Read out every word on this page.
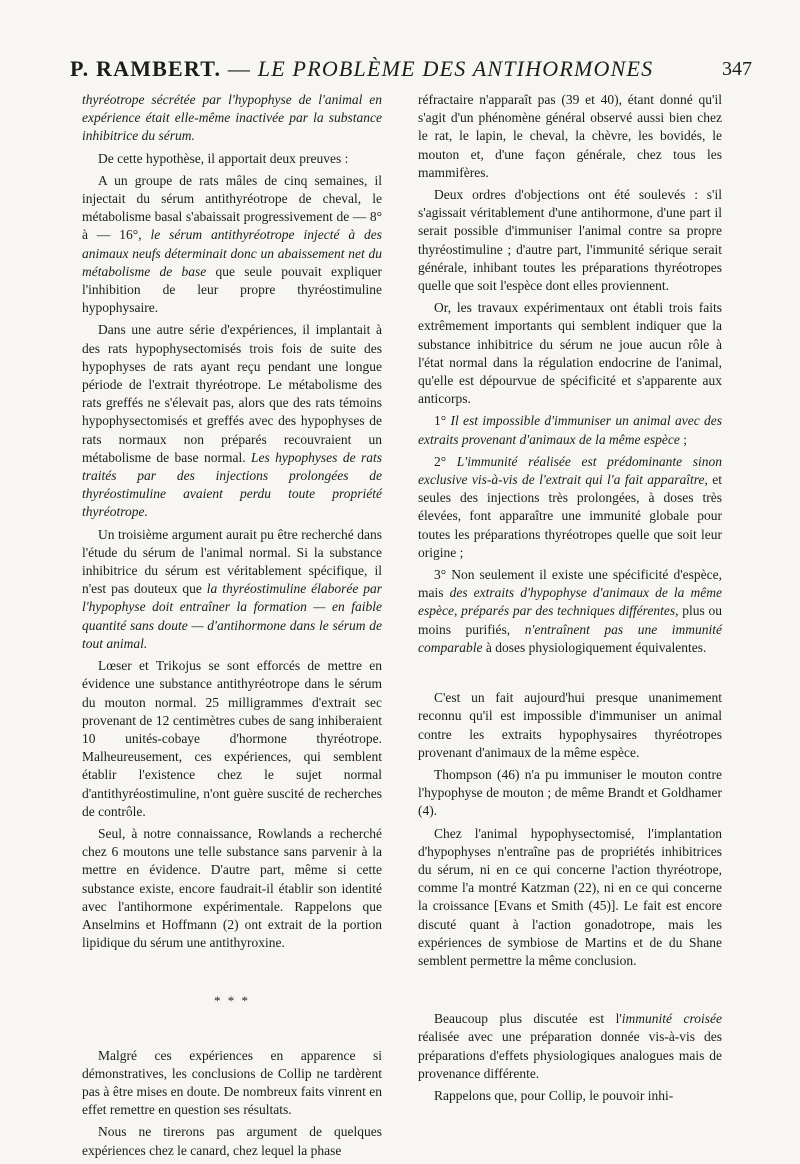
P. RAMBERT. — LE PROBLÈME DES ANTIHORMONES	347

thyréotrope sécrétée par l'hypophyse de l'animal en expérience était elle-même inactivée par la substance inhibitrice du sérum.

De cette hypothèse, il apportait deux preuves :

A un groupe de rats mâles de cinq semaines, il injectait du sérum antithyréotrope de cheval, le métabolisme basal s'abaissait progressivement de — 8° à — 16°, le sérum antithyréotrope injecté à des animaux neufs déterminait donc un abaissement net du métabolisme de base que seule pouvait expliquer l'inhibition de leur propre thyréostimuline hypophysaire.

Dans une autre série d'expériences, il implantait à des rats hypophysectomisés trois fois de suite des hypophyses de rats ayant reçu pendant une longue période de l'extrait thyréotrope. Le métabolisme des rats greffés ne s'élevait pas, alors que des rats témoins hypophysectomisés et greffés avec des hypophyses de rats normaux non préparés recouvraient un métabolisme de base normal. Les hypophyses de rats traités par des injections prolongées de thyréostimuline avaient perdu toute propriété thyréotrope.

Un troisième argument aurait pu être recherché dans l'étude du sérum de l'animal normal. Si la substance inhibitrice du sérum est véritablement spécifique, il n'est pas douteux que la thyréostimuline élaborée par l'hypophyse doit entraîner la formation — en faible quantité sans doute — d'antihormone dans le sérum de tout animal.

Lœser et Trikojus se sont efforcés de mettre en évidence une substance antithyréotrope dans le sérum du mouton normal. 25 milligrammes d'extrait sec provenant de 12 centimètres cubes de sang inhiberaient 10 unités-cobaye d'hormone thyréotrope. Malheureusement, ces expériences, qui semblent établir l'existence chez le sujet normal d'antithyréostimuline, n'ont guère suscité de recherches de contrôle.

Seul, à notre connaissance, Rowlands a recherché chez 6 moutons une telle substance sans parvenir à la mettre en évidence. D'autre part, même si cette substance existe, encore faudrait-il établir son identité avec l'antihormone expérimentale. Rappelons que Anselmins et Hoffmann (2) ont extrait de la portion lipidique du sérum une antithyroxine.

* * *

Malgré ces expériences en apparence si démonstratives, les conclusions de Collip ne tardèrent pas à être mises en doute. De nombreux faits vinrent en effet remettre en question ses résultats.

Nous ne tirerons pas argument de quelques expériences chez le canard, chez lequel la phase

réfractaire n'apparaît pas (39 et 40), étant donné qu'il s'agit d'un phénomène général observé aussi bien chez le rat, le lapin, le cheval, la chèvre, les bovidés, le mouton et, d'une façon générale, chez tous les mammifères.

Deux ordres d'objections ont été soulevés : s'il s'agissait véritablement d'une antihormone, d'une part il serait possible d'immuniser l'animal contre sa propre thyréostimuline ; d'autre part, l'immunité sérique serait générale, inhibant toutes les préparations thyréotropes quelle que soit l'espèce dont elles proviennent.

Or, les travaux expérimentaux ont établi trois faits extrêmement importants qui semblent indiquer que la substance inhibitrice du sérum ne joue aucun rôle à l'état normal dans la régulation endocrine de l'animal, qu'elle est dépourvue de spécificité et s'apparente aux anticorps.

1° Il est impossible d'immuniser un animal avec des extraits provenant d'animaux de la même espèce ;

2° L'immunité réalisée est prédominante sinon exclusive vis-à-vis de l'extrait qui l'a fait apparaître, et seules des injections très prolongées, à doses très élevées, font apparaître une immunité globale pour toutes les préparations thyréotropes quelle que soit leur origine ;

3° Non seulement il existe une spécificité d'espèce, mais des extraits d'hypophyse d'animaux de la même espèce, préparés par des techniques différentes, plus ou moins purifiés, n'entraînent pas une immunité comparable à doses physiologiquement équivalentes.

C'est un fait aujourd'hui presque unanimement reconnu qu'il est impossible d'immuniser un animal contre les extraits hypophysaires thyréotropes provenant d'animaux de la même espèce.

Thompson (46) n'a pu immuniser le mouton contre l'hypophyse de mouton ; de même Brandt et Goldhamer (4).

Chez l'animal hypophysectomisé, l'implantation d'hypophyses n'entraîne pas de propriétés inhibitrices du sérum, ni en ce qui concerne l'action thyréotrope, comme l'a montré Katzman (22), ni en ce qui concerne la croissance [Evans et Smith (45)]. Le fait est encore discuté quant à l'action gonadotrope, mais les expériences de symbiose de Martins et de du Shane semblent permettre la même conclusion.

Beaucoup plus discutée est l'immunité croisée réalisée avec une préparation donnée vis-à-vis des préparations d'effets physiologiques analogues mais de provenance différente.

Rappelons que, pour Collip, le pouvoir inhi-
